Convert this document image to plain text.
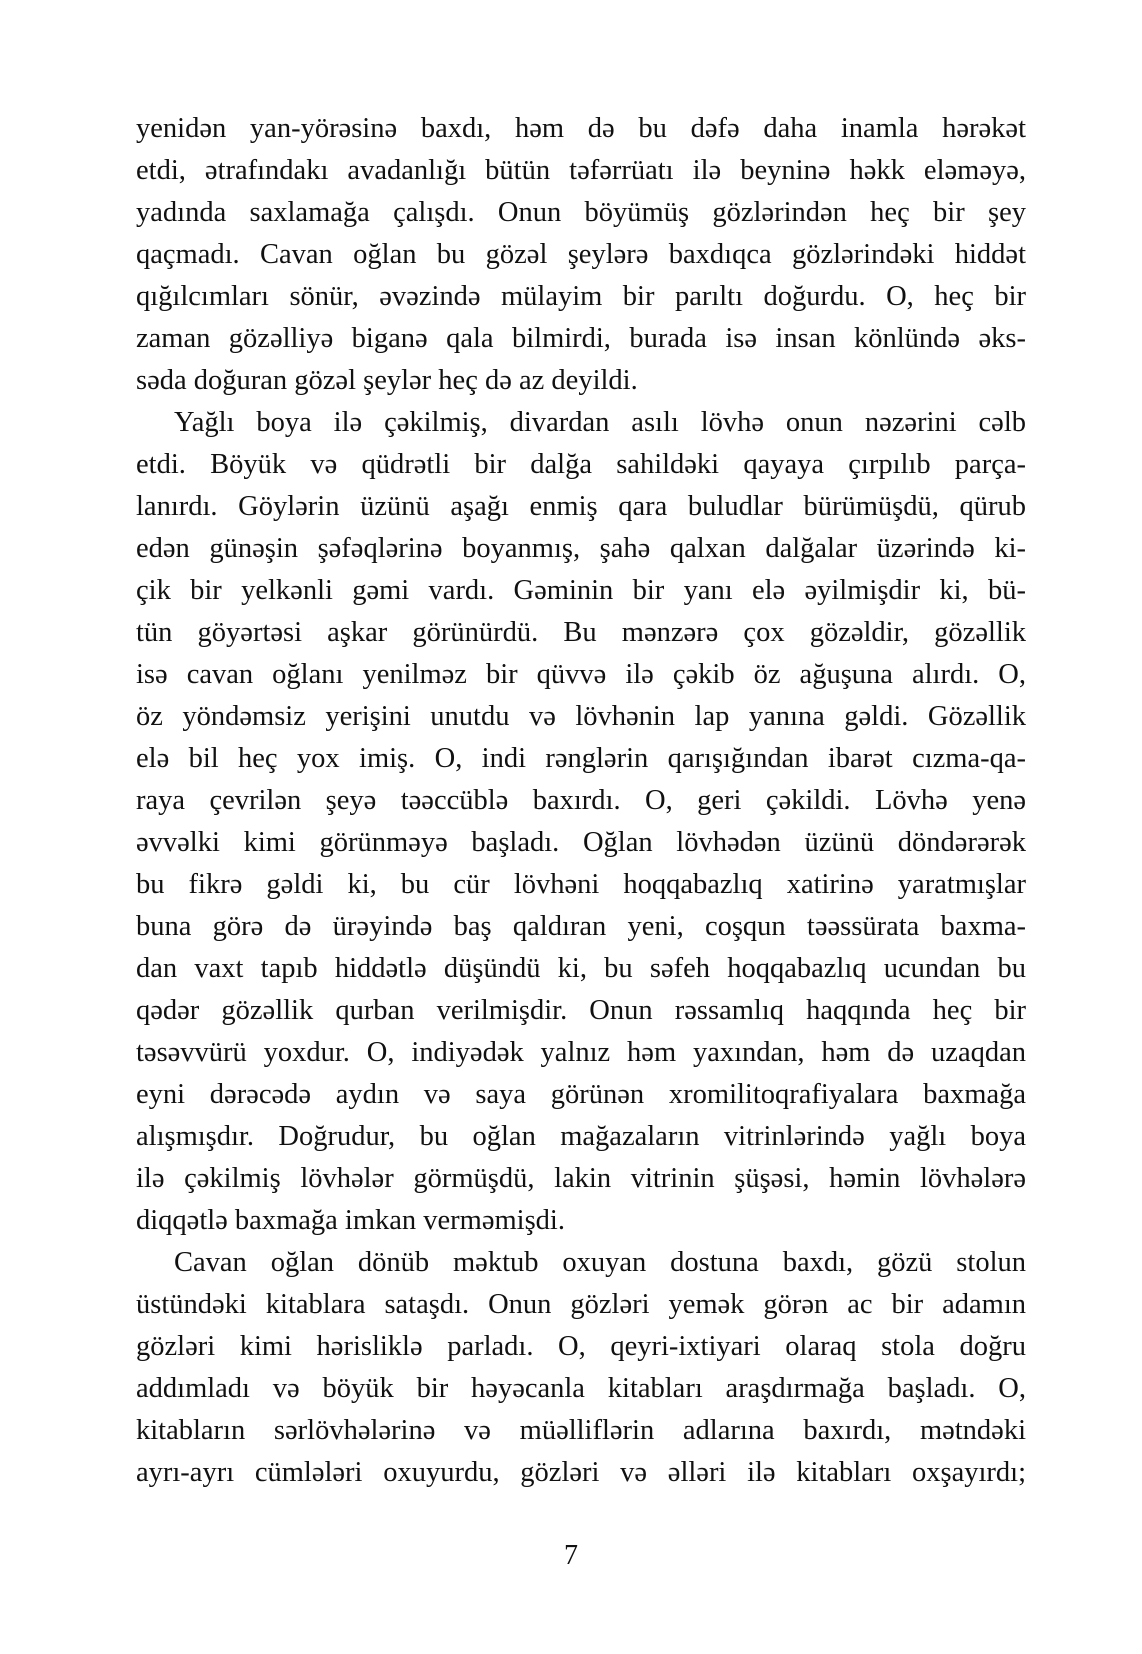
yenidən yan-yörəsinə baxdı, həm də bu dəfə daha inamla hərəkət
etdi, ətrafındakı avadanlığı bütün təfərrüatı ilə beyninə həkk eləməyə,
yadında saxlamağa çalışdı. Onun böyümüş gözlərindən heç bir şey
qaçmadı. Cavan oğlan bu gözəl şeylərə baxdıqca gözlərindəki hiddət
qığılcımları sönür, əvəzində mülayim bir parıltı doğurdu. O, heç bir
zaman gözəlliyə biganə qala bilmirdi, burada isə insan könlündə əks-
səda doğuran gözəl şeylər heç də az deyildi.
Yağlı boya ilə çəkilmiş, divardan asılı lövhə onun nəzərini cəlb
etdi. Böyük və qüdrətli bir dalğa sahildəki qayaya çırpılıb parça-
lanırdı. Göylərin üzünü aşağı enmiş qara buludlar bürümüşdü, qürub
edən günəşin şəfəqlərinə boyanmış, şahə qalxan dalğalar üzərində ki-
çik bir yelkənli gəmi vardı. Gəminin bir yanı elə əyilmişdir ki, bü-
tün göyərtəsi aşkar görünürdü. Bu mənzərə çox gözəldir, gözəllik
isə cavan oğlanı yenilməz bir qüvvə ilə çəkib öz ağuşuna alırdı. O,
öz yöndəmsiz yerişini unutdu və lövhənin lap yanına gəldi. Gözəllik
elə bil heç yox imiş. O, indi rənglərin qarışığından ibarət cızma-qa-
raya çevrilən şeyə təəccüblə baxırdı. O, geri çəkildi. Lövhə yenə
əvvəlki kimi görünməyə başladı. Oğlan lövhədən üzünü döndərərək
bu fikrə gəldi ki, bu cür lövhəni hoqqabazlıq xatirinə yaratmışlar
buna görə də ürəyində baş qaldıran yeni, coşqun təəssürata baxma-
dan vaxt tapıb hiddətlə düşündü ki, bu səfeh hoqqabazlıq ucundan bu
qədər gözəllik qurban verilmişdir. Onun rəssamlıq haqqında heç bir
təsəvvürü yoxdur. O, indiyədək yalnız həm yaxından, həm də uzaqdan
eyni dərəcədə aydın və saya görünən xromilitoqrafiyalara baxmağa
alışmışdır. Doğrudur, bu oğlan mağazaların vitrinlərində yağlı boya
ilə çəkilmiş lövhələr görmüşdü, lakin vitrinin şüşəsi, həmin lövhələrə
diqqətlə baxmağa imkan verməmişdi.
Cavan oğlan dönüb məktub oxuyan dostuna baxdı, gözü stolun
üstündəki kitablara sataşdı. Onun gözləri yemək görən ac bir adamın
gözləri kimi hərisliklə parladı. O, qeyri-ixtiyari olaraq stola doğru
addımladı və böyük bir həyəcanla kitabları araşdırmağa başladı. O,
kitabların sərlövhələrinə və müəlliflərin adlarına baxırdı, mətndəki
ayrı-ayrı cümlələri oxuyurdu, gözləri və əlləri ilə kitabları oxşayırdı;
7
